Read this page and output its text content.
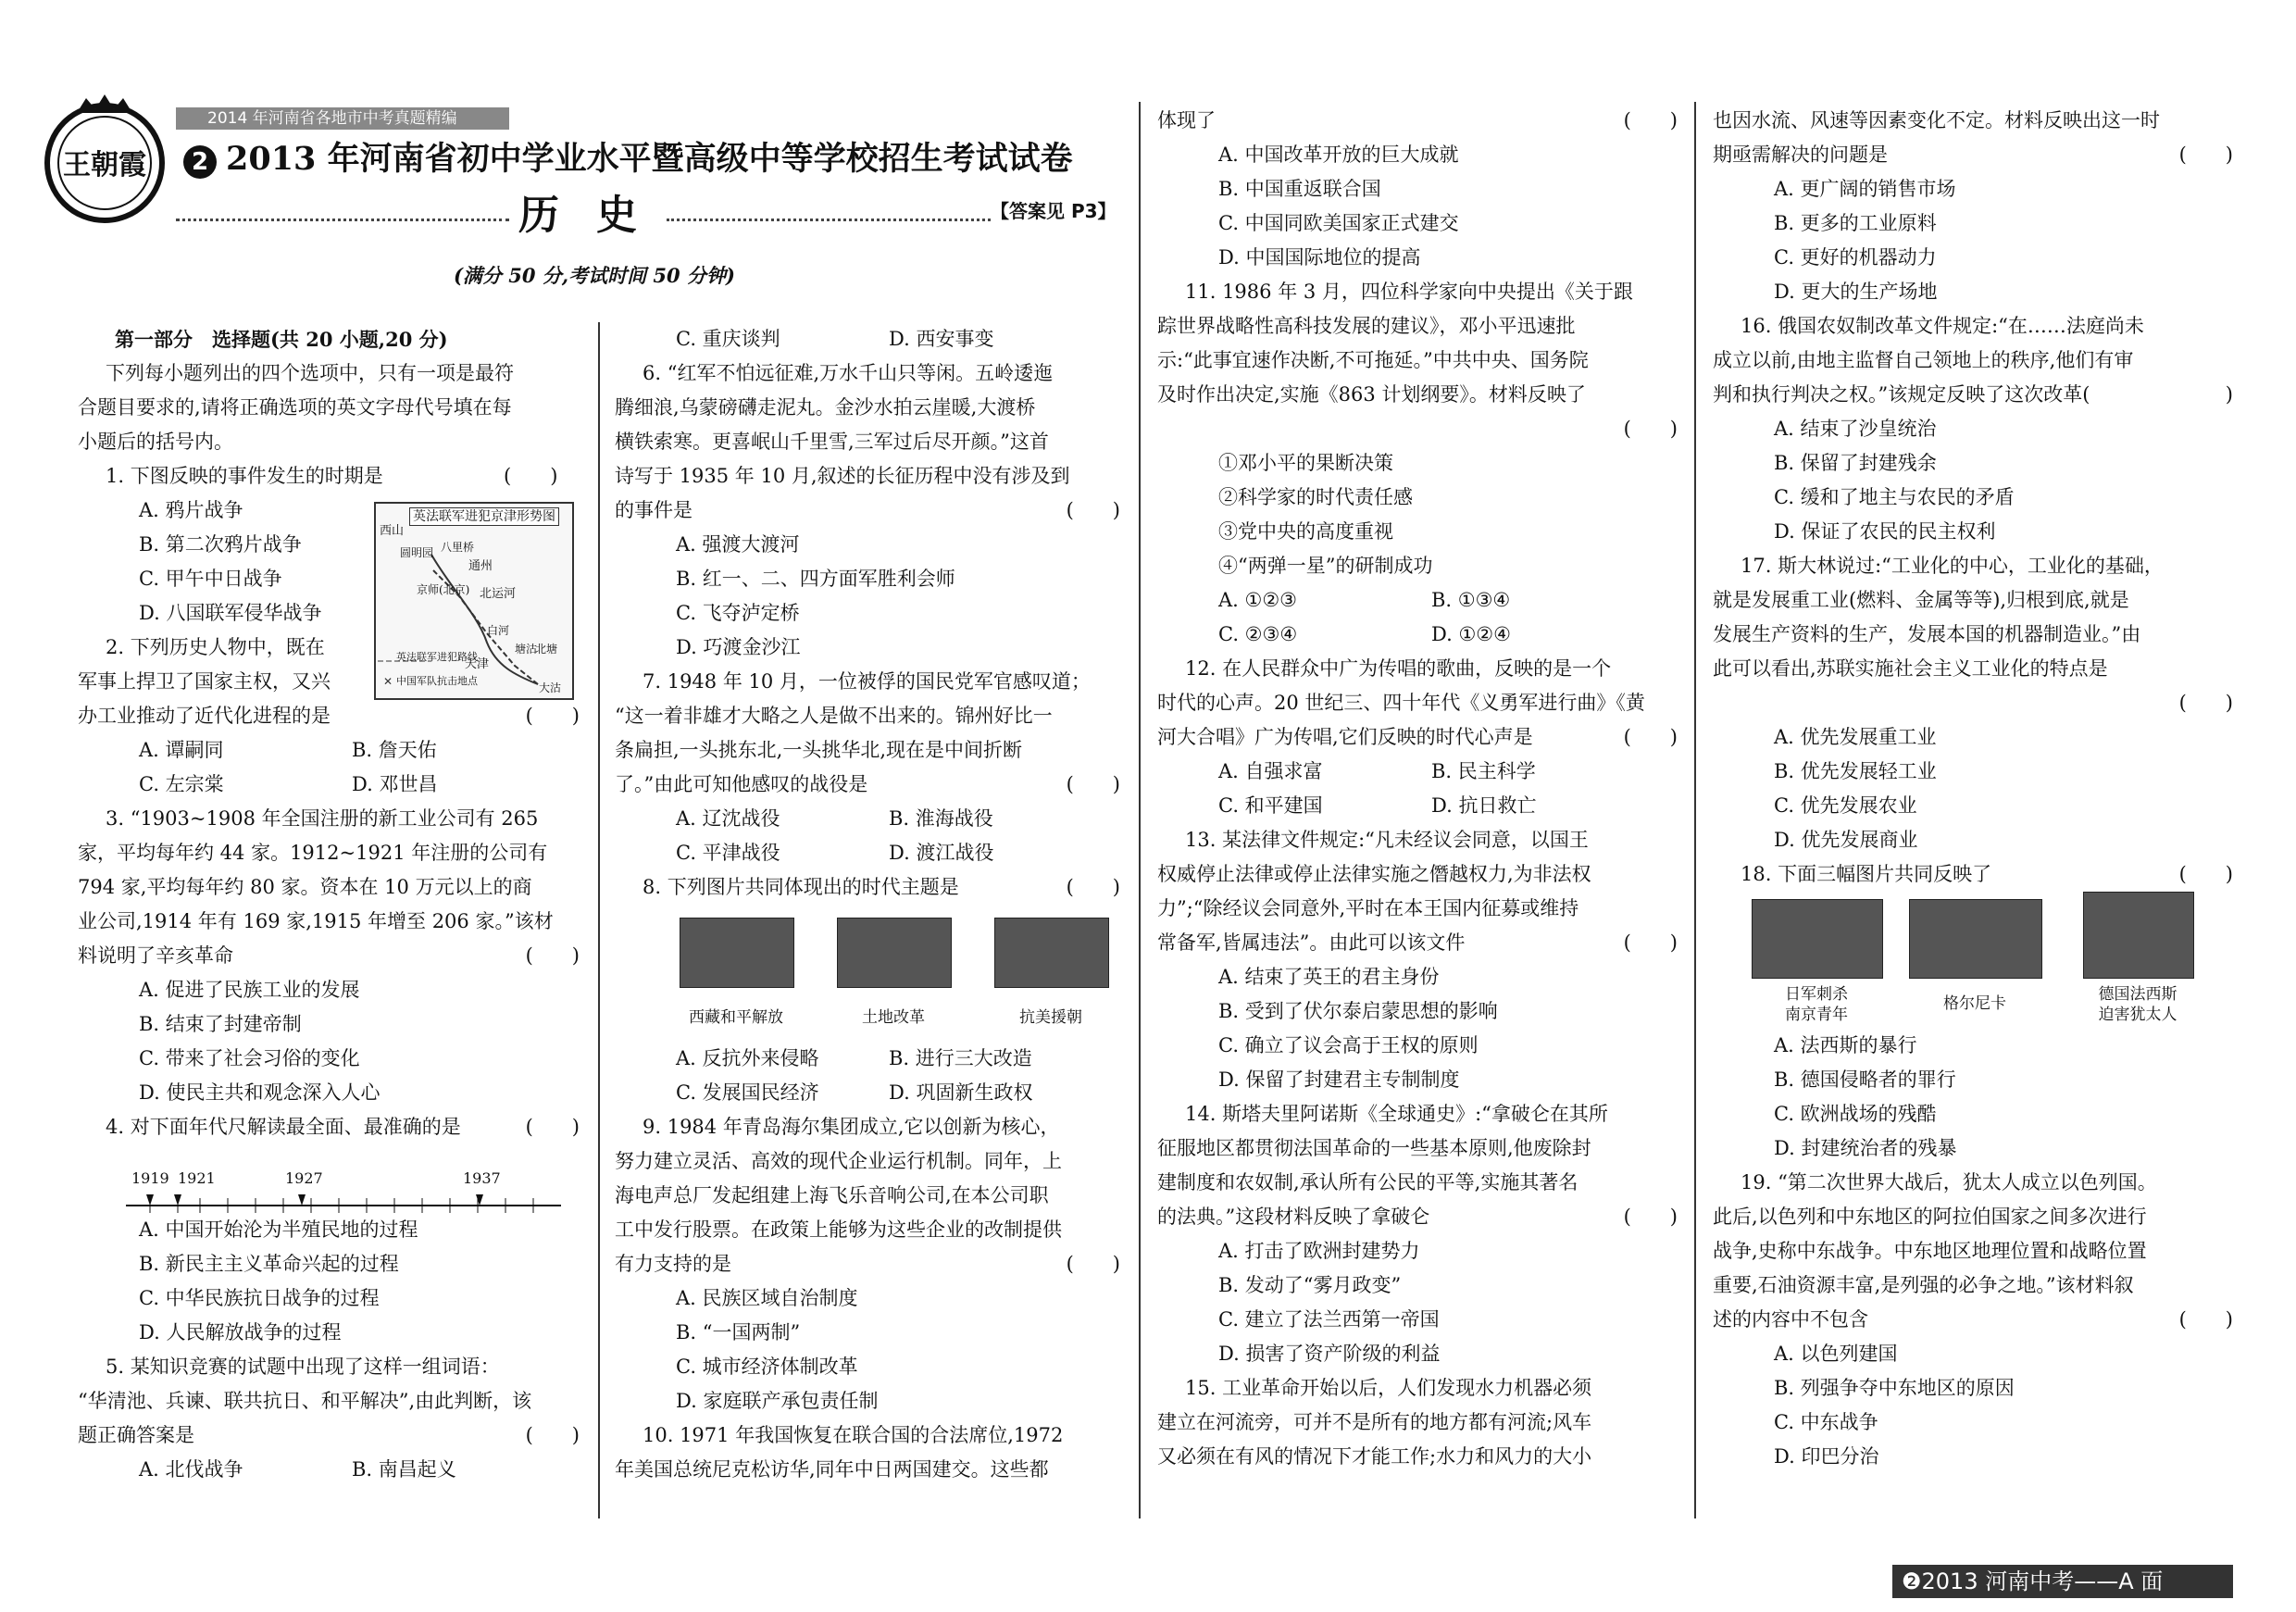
王朝霞
2014 年河南省各地市中考真题精编
2 2013 年河南省初中学业水平暨高级中等学校招生考试试卷
历史	【答案见 P3】
(满分 50 分,考试时间 50 分钟)

第一部分　选择题(共 20 小题,20 分)

下列每小题列出的四个选项中，只有一项是最符

合题目要求的,请将正确选项的英文字母代号填在每

小题后的括号内。

1. 下图反映的事件发生的时期是	(　　)

A. 鸦片战争

B. 第二次鸦片战争

C. 甲午中日战争

D. 八国联军侵华战争

2. 下列历史人物中，既在

军事上捍卫了国家主权，又兴

办工业推动了近代化进程的是	(　　)

A. 谭嗣同	B. 詹天佑

C. 左宗棠	D. 邓世昌

3. “1903~1908 年全国注册的新工业公司有 265

家，平均每年约 44 家。1912~1921 年注册的公司有

794 家,平均每年约 80 家。资本在 10 万元以上的商

业公司,1914 年有 169 家,1915 年增至 206 家。”该材

料说明了辛亥革命	(　　)

A. 促进了民族工业的发展

B. 结束了封建帝制

C. 带来了社会习俗的变化

D. 使民主共和观念深入人心

4. 对下面年代尺解读最全面、最准确的是	(　　)

A. 中国开始沦为半殖民地的过程

B. 新民主主义革命兴起的过程

C. 中华民族抗日战争的过程

D. 人民解放战争的过程

5. 某知识竞赛的试题中出现了这样一组词语：

“华清池、兵谏、联共抗日、和平解决”,由此判断，该

题正确答案是	(　　)

A. 北伐战争	B. 南昌起义

英法联军进犯京津形势图
✕
西山
圆明园 八里桥
通州
京师(北京) 北运河
天津
白河
塘沽
北塘
大沽
英法联军进犯路线
中国军队抗击地点
1919 1921	1927	1937

C. 重庆谈判	D. 西安事变

6. “红军不怕远征难,万水千山只等闲。五岭逶迤

腾细浪,乌蒙磅礴走泥丸。金沙水拍云崖暖,大渡桥

横铁索寒。更喜岷山千里雪,三军过后尽开颜。”这首

诗写于 1935 年 10 月,叙述的长征历程中没有涉及到

的事件是	(　　)

A. 强渡大渡河

B. 红一、二、四方面军胜利会师

C. 飞夺泸定桥

D. 巧渡金沙江

7. 1948 年 10 月，一位被俘的国民党军官感叹道；

“这一着非雄才大略之人是做不出来的。锦州好比一

条扁担,一头挑东北,一头挑华北,现在是中间折断

了。”由此可知他感叹的战役是	(　　)

A. 辽沈战役	B. 淮海战役

C. 平津战役	D. 渡江战役

8. 下列图片共同体现出的时代主题是	(　　)

西藏和平解放	土地改革	抗美援朝

A. 反抗外来侵略	B. 进行三大改造

C. 发展国民经济	D. 巩固新生政权

9. 1984 年青岛海尔集团成立,它以创新为核心，

努力建立灵活、高效的现代企业运行机制。同年，上

海电声总厂发起组建上海飞乐音响公司,在本公司职

工中发行股票。在政策上能够为这些企业的改制提供

有力支持的是	(　　)

A. 民族区域自治制度

B. “一国两制”

C. 城市经济体制改革

D. 家庭联产承包责任制

10. 1971 年我国恢复在联合国的合法席位,1972

年美国总统尼克松访华,同年中日两国建交。这些都

体现了	(　　)

A. 中国改革开放的巨大成就

B. 中国重返联合国

C. 中国同欧美国家正式建交

D. 中国国际地位的提高

11. 1986 年 3 月，四位科学家向中央提出《关于跟

踪世界战略性高科技发展的建议》，邓小平迅速批

示:“此事宜速作决断,不可拖延。”中共中央、国务院

及时作出决定,实施《863 计划纲要》。材料反映了

(　　)

①邓小平的果断决策

②科学家的时代责任感

③党中央的高度重视

④“两弹一星”的研制成功

A. ①②③	B. ①③④

C. ②③④	D. ①②④

12. 在人民群众中广为传唱的歌曲，反映的是一个

时代的心声。20 世纪三、四十年代《义勇军进行曲》《黄

河大合唱》广为传唱,它们反映的时代心声是	(　　)

A. 自强求富	B. 民主科学

C. 和平建国	D. 抗日救亡

13. 某法律文件规定:“凡未经议会同意，以国王

权威停止法律或停止法律实施之僭越权力,为非法权

力”;“除经议会同意外,平时在本王国内征募或维持

常备军,皆属违法”。由此可以该文件	(　　)

A. 结束了英王的君主身份

B. 受到了伏尔泰启蒙思想的影响

C. 确立了议会高于王权的原则

D. 保留了封建君主专制制度

14. 斯塔夫里阿诺斯《全球通史》:“拿破仑在其所

征服地区都贯彻法国革命的一些基本原则,他废除封

建制度和农奴制,承认所有公民的平等,实施其著名

的法典。”这段材料反映了拿破仑	(　　)

A. 打击了欧洲封建势力

B. 发动了“雾月政变”

C. 建立了法兰西第一帝国

D. 损害了资产阶级的利益

15. 工业革命开始以后，人们发现水力机器必须

建立在河流旁，可并不是所有的地方都有河流;风车

又必须在有风的情况下才能工作;水力和风力的大小

也因水流、风速等因素变化不定。材料反映出这一时

期亟需解决的问题是	(　　)

A. 更广阔的销售市场

B. 更多的工业原料

C. 更好的机器动力

D. 更大的生产场地

16. 俄国农奴制改革文件规定:“在……法庭尚未

成立以前,由地主监督自己领地上的秩序,他们有审

判和执行判决之权。”该规定反映了这次改革(	　　)

A. 结束了沙皇统治

B. 保留了封建残余

C. 缓和了地主与农民的矛盾

D. 保证了农民的民主权利

17. 斯大林说过:“工业化的中心，工业化的基础，

就是发展重工业(燃料、金属等等),归根到底,就是

发展生产资料的生产，发展本国的机器制造业。”由

此可以看出,苏联实施社会主义工业化的特点是

(　　)

A. 优先发展重工业

B. 优先发展轻工业

C. 优先发展农业

D. 优先发展商业

18. 下面三幅图片共同反映了	(　　)

日军刺杀
南京青年
格尔尼卡	德国法西斯
迫害犹太人

A. 法西斯的暴行

B. 德国侵略者的罪行

C. 欧洲战场的残酷

D. 封建统治者的残暴

19. “第二次世界大战后，犹太人成立以色列国。

此后,以色列和中东地区的阿拉伯国家之间多次进行

战争,史称中东战争。中东地区地理位置和战略位置

重要,石油资源丰富,是列强的必争之地。”该材料叙

述的内容中不包含	(　　)

A. 以色列建国

B. 列强争夺中东地区的原因

C. 中东战争

D. 印巴分治

❷2013 河南中考——A 面
